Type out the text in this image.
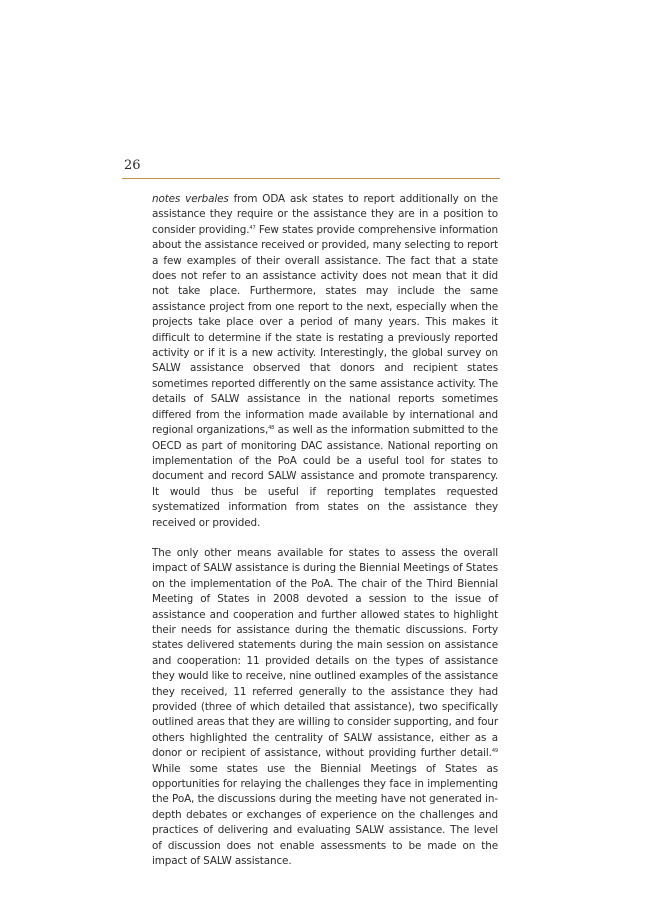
26

notes verbales from ODA ask states to report additionally on the assistance they require or the assistance they are in a position to consider providing.$^{47}$ Few states provide comprehensive information about the assistance received or provided, many selecting to report a few examples of their overall assistance. The fact that a state does not refer to an assistance activity does not mean that it did not take place. Furthermore, states may include the same assistance project from one report to the next, especially when the projects take place over a period of many years. This makes it difficult to determine if the state is restating a previously reported activity or if it is a new activity. Interestingly, the global survey on SALW assistance observed that donors and recipient states sometimes reported differently on the same assistance activity. The details of SALW assistance in the national reports sometimes differed from the information made available by international and regional organizations,$^{48}$ as well as the information submitted to the OECD as part of monitoring DAC assistance. National reporting on implementation of the PoA could be a useful tool for states to document and record SALW assistance and promote transparency. It would thus be useful if reporting templates requested systematized information from states on the assistance they received or provided.

The only other means available for states to assess the overall impact of SALW assistance is during the Biennial Meetings of States on the implementation of the PoA. The chair of the Third Biennial Meeting of States in 2008 devoted a session to the issue of assistance and cooperation and further allowed states to highlight their needs for assistance during the thematic discussions. Forty states delivered statements during the main session on assistance and cooperation: 11 provided details on the types of assistance they would like to receive, nine outlined examples of the assistance they received, 11 referred generally to the assistance they had provided (three of which detailed that assistance), two specifically outlined areas that they are willing to consider supporting, and four others highlighted the centrality of SALW assistance, either as a donor or recipient of assistance, without providing further detail.$^{49}$ While some states use the Biennial Meetings of States as opportunities for relaying the challenges they face in implementing the PoA, the discussions during the meeting have not generated in-depth debates or exchanges of experience on the challenges and practices of delivering and evaluating SALW assistance. The level of discussion does not enable assessments to be made on the impact of SALW assistance.
